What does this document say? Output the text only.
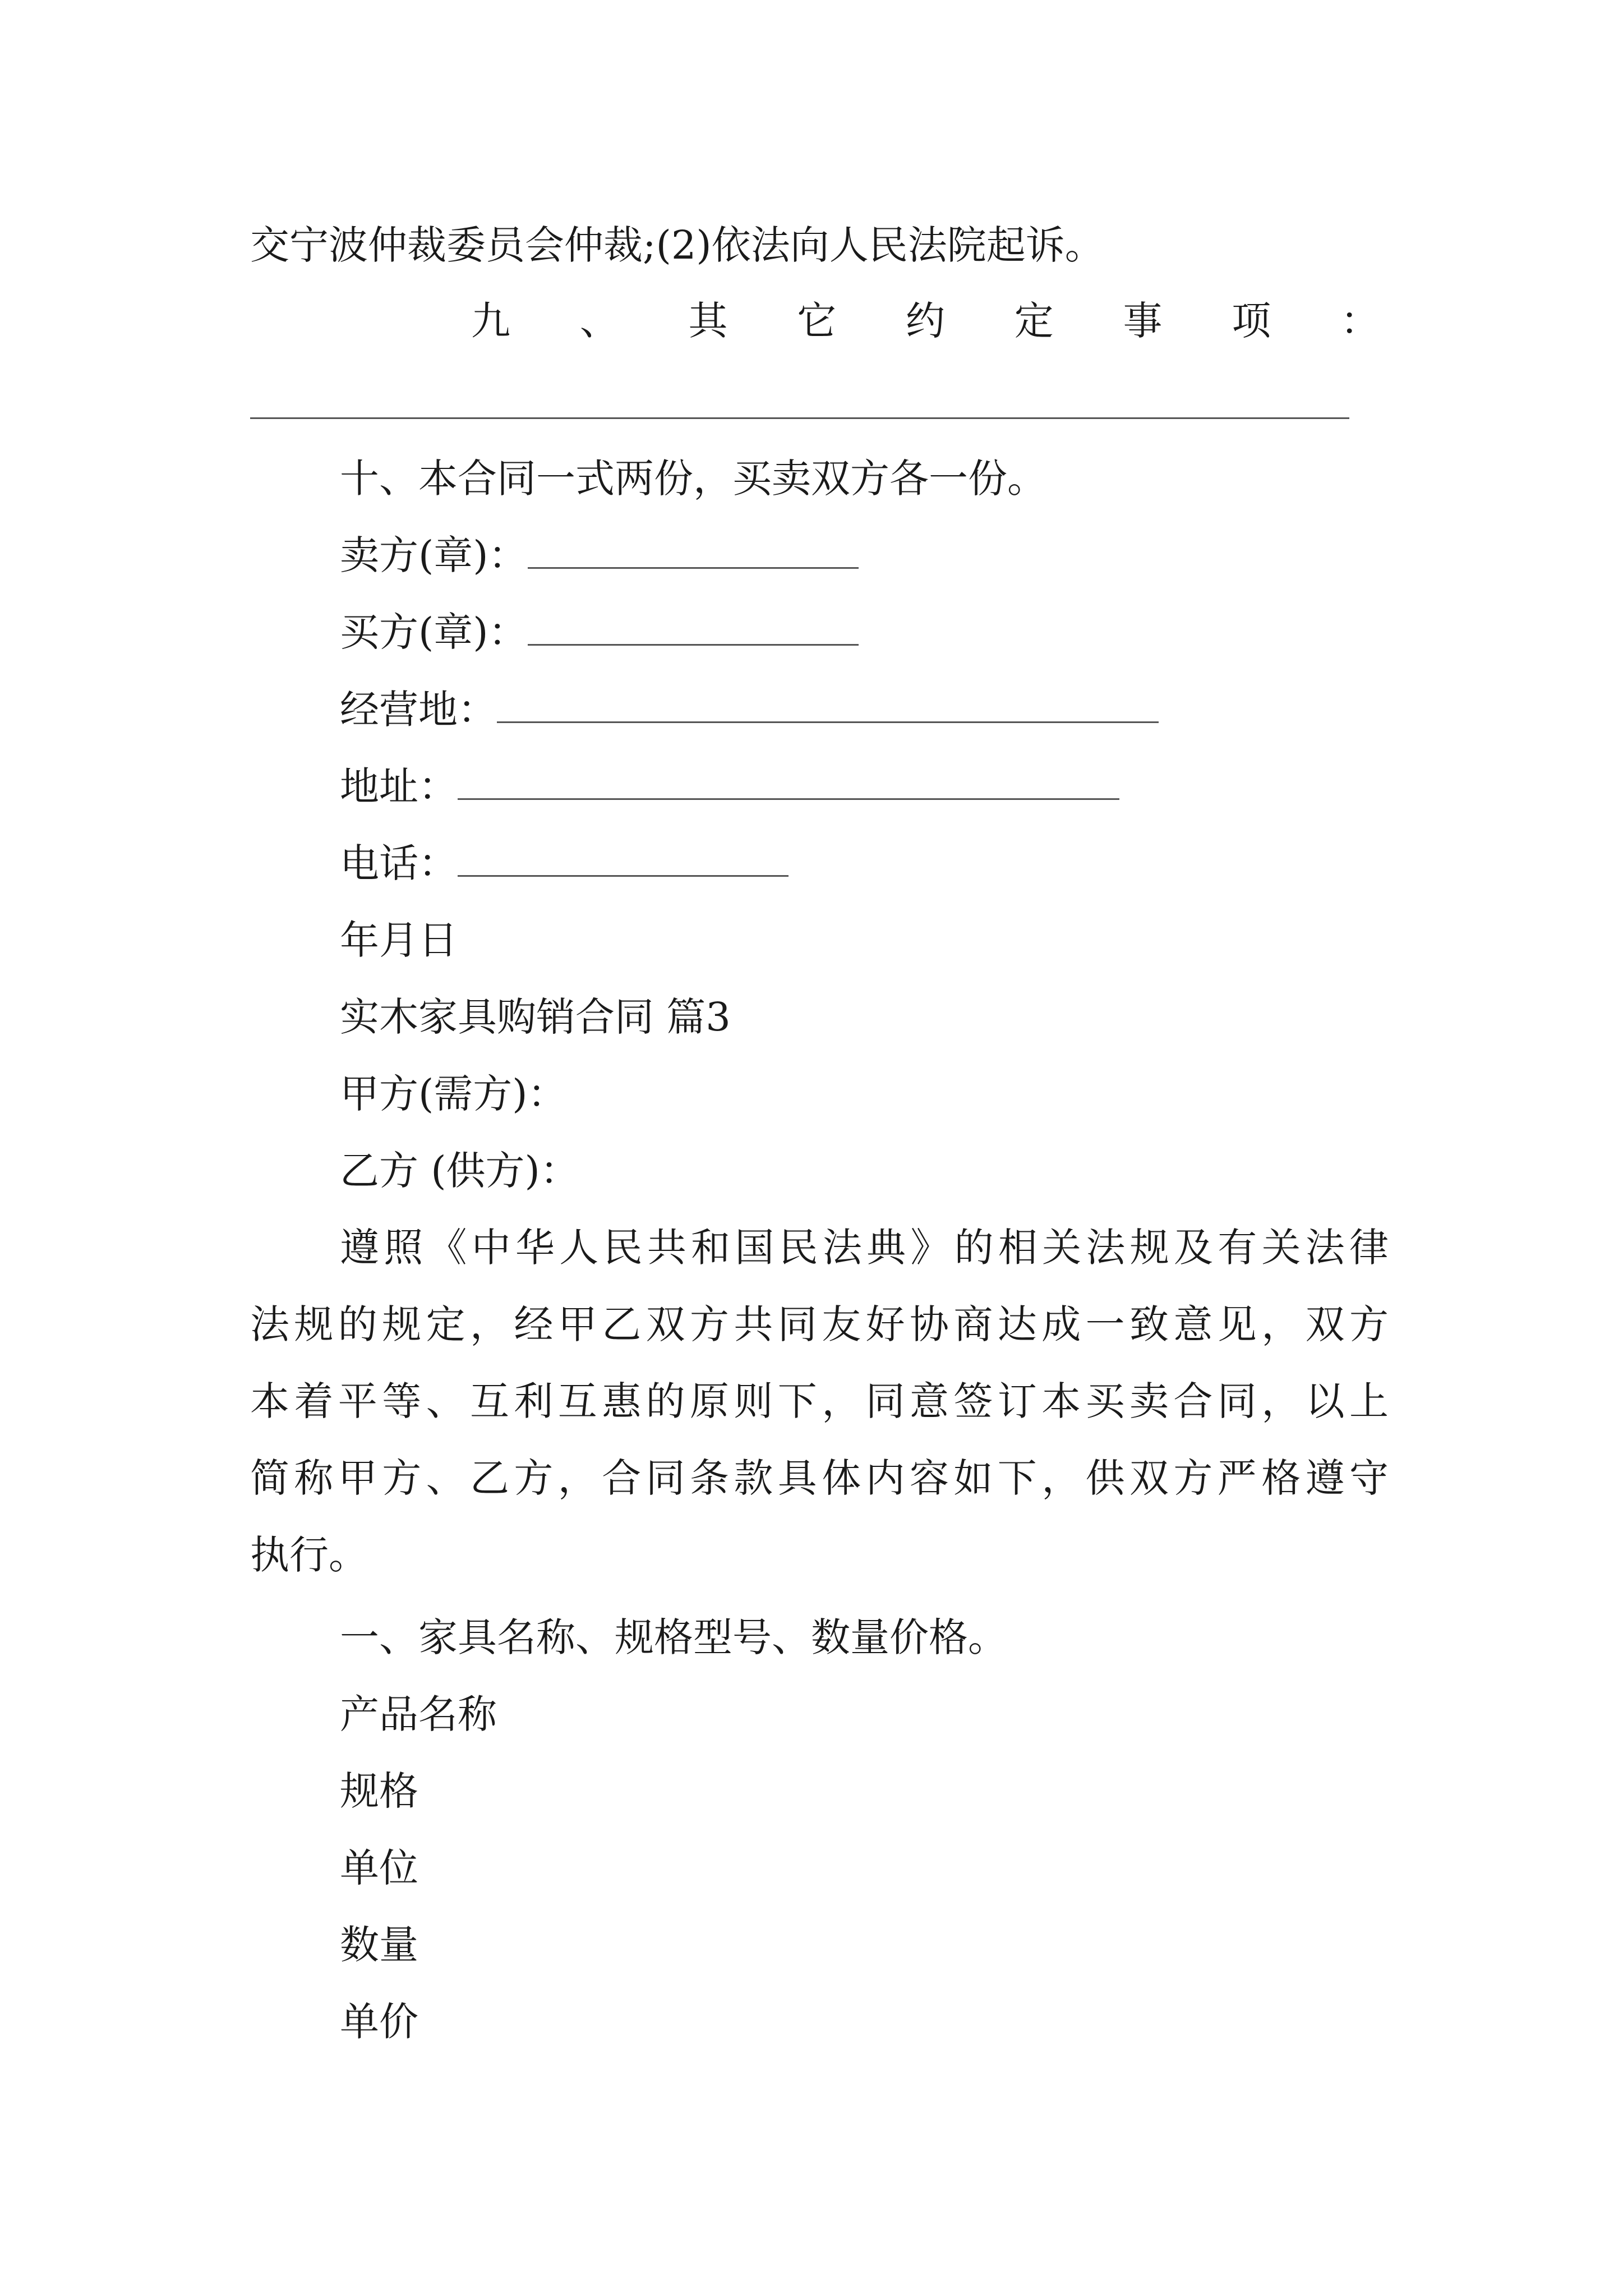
交宁波仲裁委员会仲裁;(2)依法向人民法院起诉。
九 、 其 它 约 定 事 项 ：
十、本合同一式两份，买卖双方各一份。
卖方(章)：
买方(章)：
经营地：
地址：
电话：
年月日
实木家具购销合同 篇3
甲方(需方)：
乙方 (供方)：
遵照《中华人民共和国民法典》的相关法规及有关法律
法规的规定，经甲乙双方共同友好协商达成一致意见，双方
本着平等、互利互惠的原则下，同意签订本买卖合同，以上
简称甲方、乙方，合同条款具体内容如下，供双方严格遵守
执行。
一、家具名称、规格型号、数量价格。
产品名称
规格
单位
数量
单价
